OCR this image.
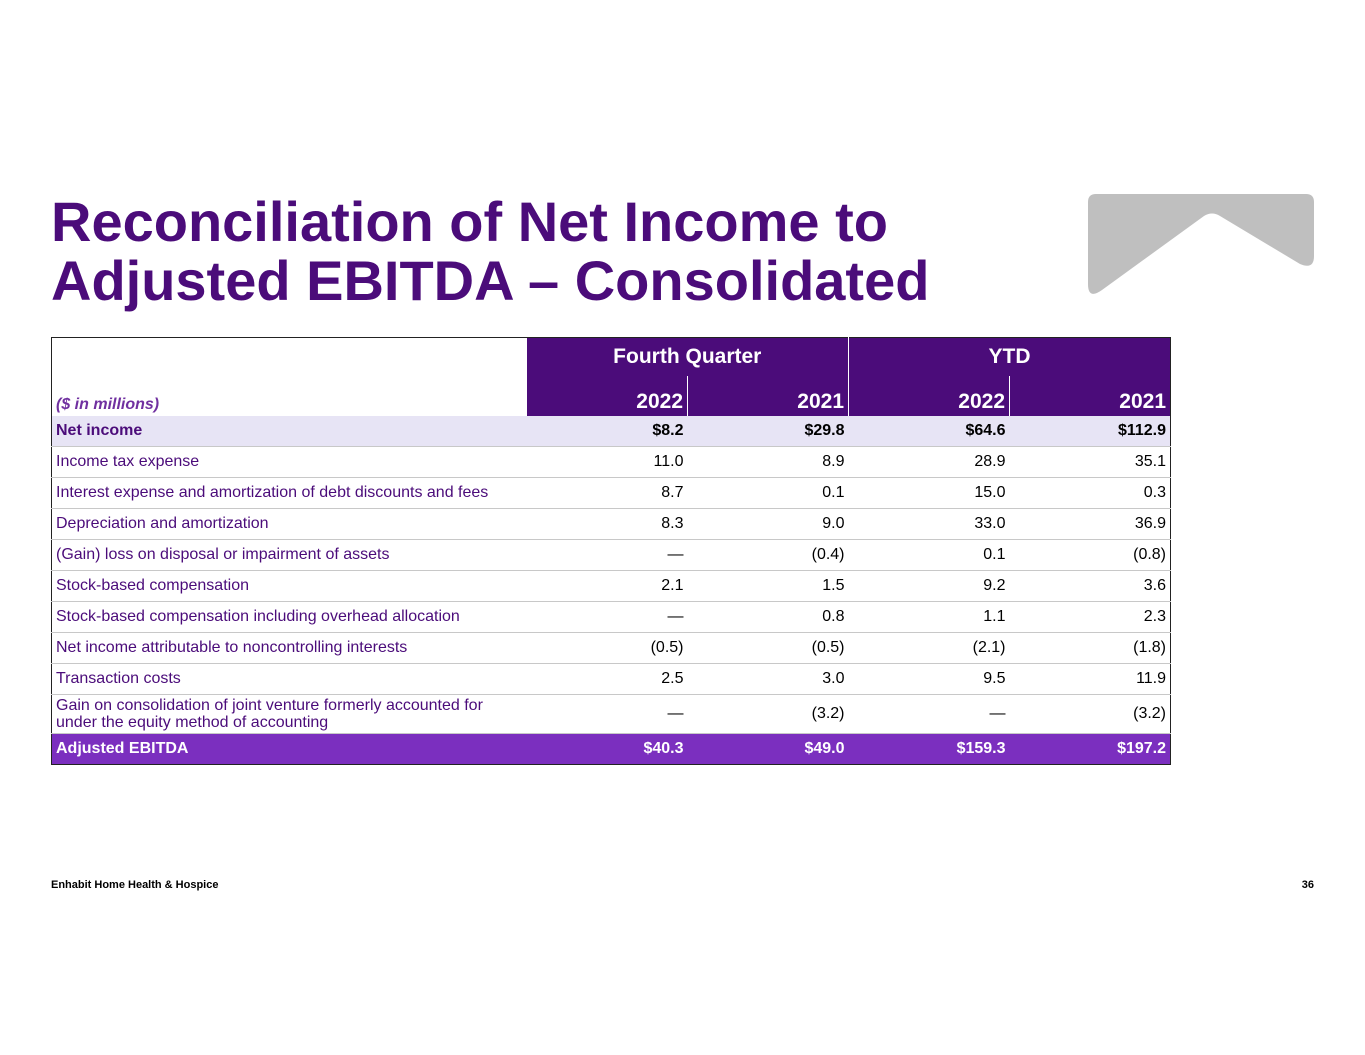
Reconciliation of Net Income to
Adjusted EBITDA – Consolidated
	Fourth Quarter		YTD	
($ in millions)	2022	2021	2022	2021
Net income	$8.2	$29.8	$64.6	$112.9
Income tax expense	11.0	8.9	28.9	35.1
Interest expense and amortization of debt discounts and fees	8.7	0.1	15.0	0.3
Depreciation and amortization	8.3	9.0	33.0	36.9
(Gain) loss on disposal or impairment of assets	—	(0.4)	0.1	(0.8)
Stock-based compensation	2.1	1.5	9.2	3.6
Stock-based compensation including overhead allocation	—	0.8	1.1	2.3
Net income attributable to noncontrolling interests	(0.5)	(0.5)	(2.1)	(1.8)
Transaction costs	2.5	3.0	9.5	11.9
Gain on consolidation of joint venture formerly accounted for under the equity method of accounting	—	(3.2)	—	(3.2)
Adjusted EBITDA	$40.3	$49.0	$159.3	$197.2
Enhabit Home Health & Hospice	36
